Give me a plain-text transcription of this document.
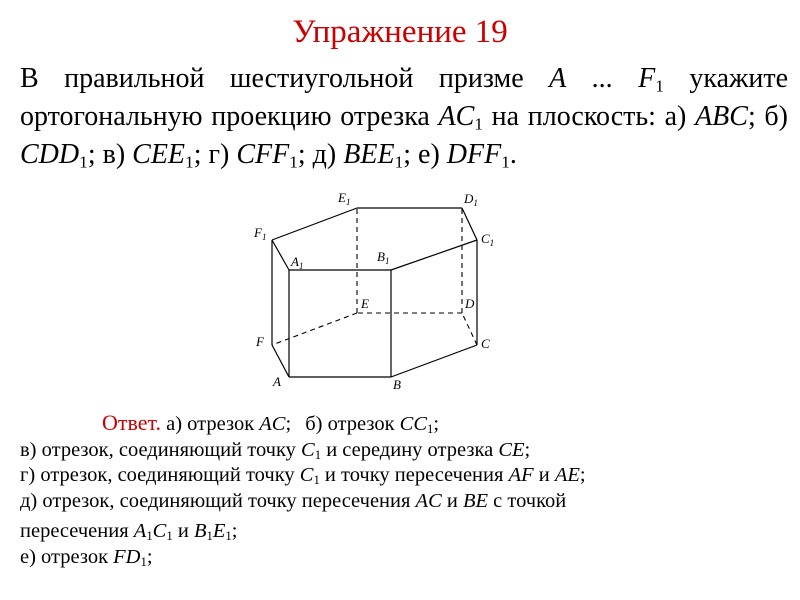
Упражнение 19
В правильной шестиугольной призме A ... $F_1$ укажите ортогональную проекцию отрезка $AC_1$ на плоскость: а) ABC; б) $CDD_1$; в) $CEE_1$; г) $CFF_1$; д) $BEE_1$; е) $DFF_1$.
A	B
C
D
E
F
$A_1$
$B_1$
$C_1$
$D_1$
$E_1$
$F_1$
Ответ. а) отрезок AC; б) отрезок $CC_1$;
в) отрезок, соединяющий точку $C_1$ и середину отрезка CE;
г) отрезок, соединяющий точку $C_1$ и точку пересечения AF и AE;
д) отрезок, соединяющий точку пересечения AC и BE с точкой
пересечения $A_1C_1$ и $B_1E_1$;
е) отрезок $FD_1$;
